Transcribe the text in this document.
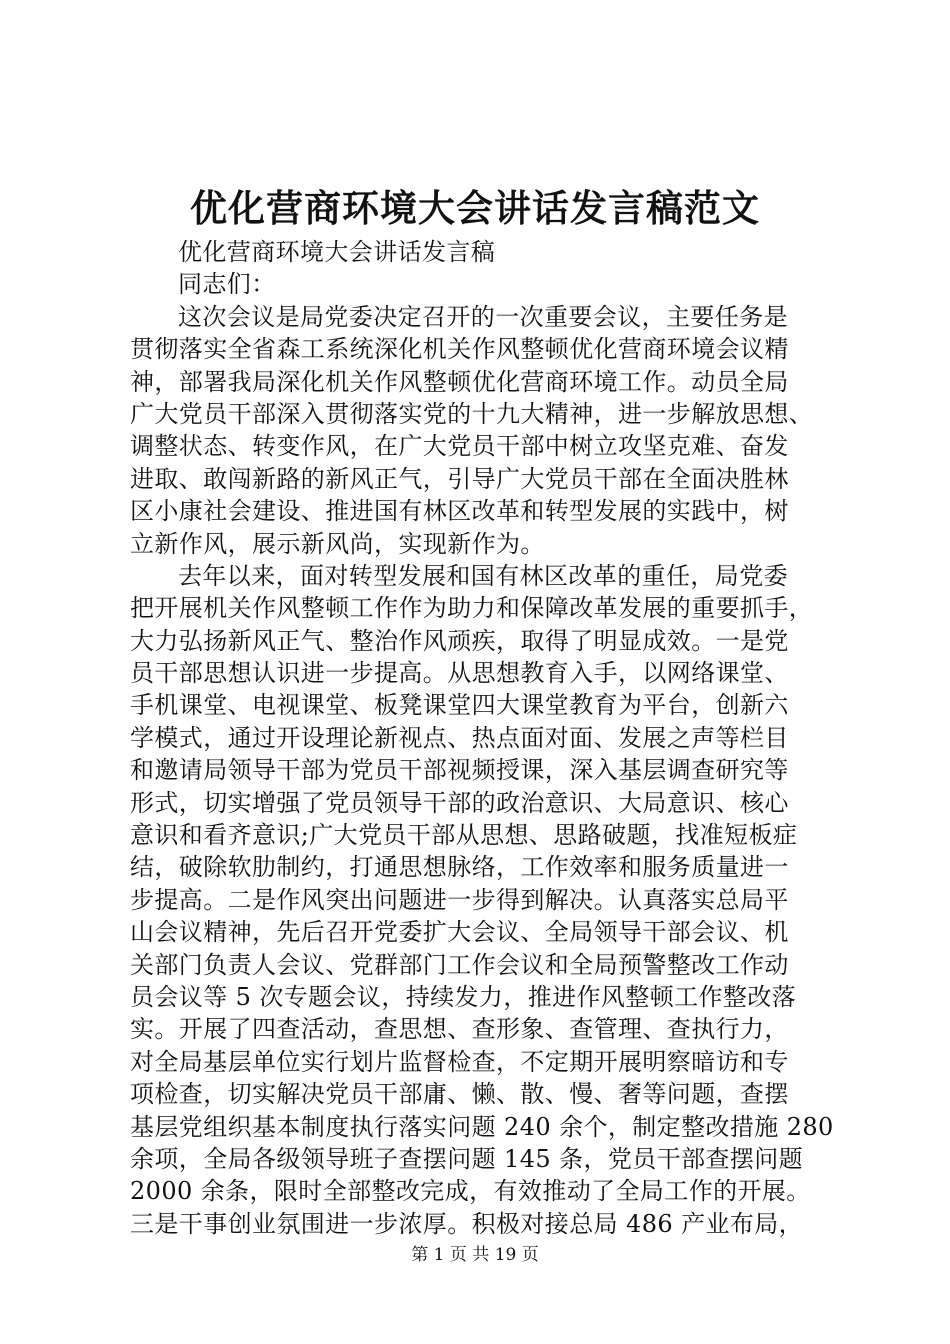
优化营商环境大会讲话发言稿范文
优化营商环境大会讲话发言稿
同志们：
这次会议是局党委决定召开的一次重要会议，主要任务是
贯彻落实全省森工系统深化机关作风整顿优化营商环境会议精
神，部署我局深化机关作风整顿优化营商环境工作。动员全局
广大党员干部深入贯彻落实党的十九大精神，进一步解放思想、
调整状态、转变作风，在广大党员干部中树立攻坚克难、奋发
进取、敢闯新路的新风正气，引导广大党员干部在全面决胜林
区小康社会建设、推进国有林区改革和转型发展的实践中，树
立新作风，展示新风尚，实现新作为。
去年以来，面对转型发展和国有林区改革的重任，局党委
把开展机关作风整顿工作作为助力和保障改革发展的重要抓手，
大力弘扬新风正气、整治作风顽疾，取得了明显成效。一是党
员干部思想认识进一步提高。从思想教育入手，以网络课堂、
手机课堂、电视课堂、板凳课堂四大课堂教育为平台，创新六
学模式，通过开设理论新视点、热点面对面、发展之声等栏目
和邀请局领导干部为党员干部视频授课，深入基层调查研究等
形式，切实增强了党员领导干部的政治意识、大局意识、核心
意识和看齐意识;广大党员干部从思想、思路破题，找准短板症
结，破除软肋制约，打通思想脉络，工作效率和服务质量进一
步提高。二是作风突出问题进一步得到解决。认真落实总局平
山会议精神，先后召开党委扩大会议、全局领导干部会议、机
关部门负责人会议、党群部门工作会议和全局预警整改工作动
员会议等 5 次专题会议，持续发力，推进作风整顿工作整改落
实。开展了四查活动，查思想、查形象、查管理、查执行力，
对全局基层单位实行划片监督检查，不定期开展明察暗访和专
项检查，切实解决党员干部庸、懒、散、慢、奢等问题，查摆
基层党组织基本制度执行落实问题 240 余个，制定整改措施 280
余项，全局各级领导班子查摆问题 145 条，党员干部查摆问题
2000 余条，限时全部整改完成，有效推动了全局工作的开展。
三是干事创业氛围进一步浓厚。积极对接总局 486 产业布局，
第 1 页 共 19 页
